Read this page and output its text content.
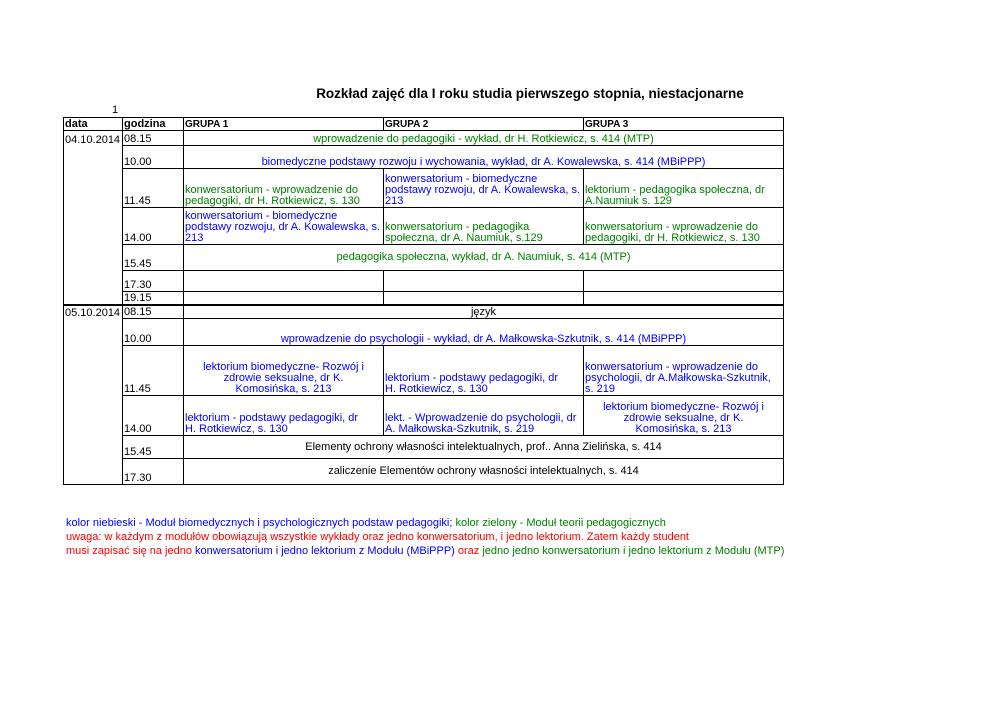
Rozkład zajęć dla I roku studia pierwszego stopnia, niestacjonarne
1
data	godzina	GRUPA 1	GRUPA 2	GRUPA 3
04.10.2014	08.15	wprowadzenie do pedagogiki - wykład, dr H. Rotkiewicz, s. 414 (MTP)		
	10.00	biomedyczne podstawy rozwoju i wychowania, wykład, dr A. Kowalewska, s. 414 (MBiPPP)		
	11.45	konwersatorium - wprowadzenie do pedagogiki, dr H. Rotkiewicz, s. 130	konwersatorium - biomedyczne podstawy rozwoju, dr A. Kowalewska, s. 213	lektorium - pedagogika społeczna, dr A.Naumiuk s. 129
	14.00	konwersatorium - biomedyczne podstawy rozwoju, dr A. Kowalewska, s. 213	konwersatorium - pedagogika społeczna, dr A. Naumiuk, s.129	konwersatorium - wprowadzenie do pedagogiki, dr H. Rotkiewicz, s. 130
	15.45	pedagogika społeczna, wykład, dr A. Naumiuk, s. 414 (MTP)		
	17.30			
	19.15			
05.10.2014	08.15	język		
	10.00	wprowadzenie do psychologii - wykład, dr A. Małkowska-Szkutnik, s. 414 (MBiPPP)		
	11.45	lektorium biomedyczne- Rozwój i zdrowie seksualne, dr K. Komosińska, s. 213	lektorium - podstawy pedagogiki, dr H. Rotkiewicz, s. 130	konwersatorium - wprowadzenie do psychologii, dr A.Małkowska-Szkutnik, s. 219
	14.00	lektorium - podstawy pedagogiki, dr H. Rotkiewicz, s. 130	lekt. - Wprowadzenie do psychologii, dr A. Małkowska-Szkutnik, s. 219	lektorium biomedyczne- Rozwój i zdrowie seksualne, dr K. Komosińska, s. 213
	15.45	Elementy ochrony własności intelektualnych, prof.. Anna Zielińska, s. 414		
	17.30	zaliczenie Elementów ochrony własności intelektualnych, s. 414		
kolor niebieski - Moduł biomedycznych i psychologicznych podstaw pedagogiki; kolor zielony - Moduł teorii pedagogicznych
uwaga: w każdym z modułów obowiązują wszystkie wykłady oraz jedno konwersatorium, i jedno lektorium. Zatem każdy student
musi zapisać się na jedno konwersatorium i jedno lektorium z Modułu (MBiPPP) oraz jedno jedno konwersatorium i jedno lektorium z Modułu (MTP)
